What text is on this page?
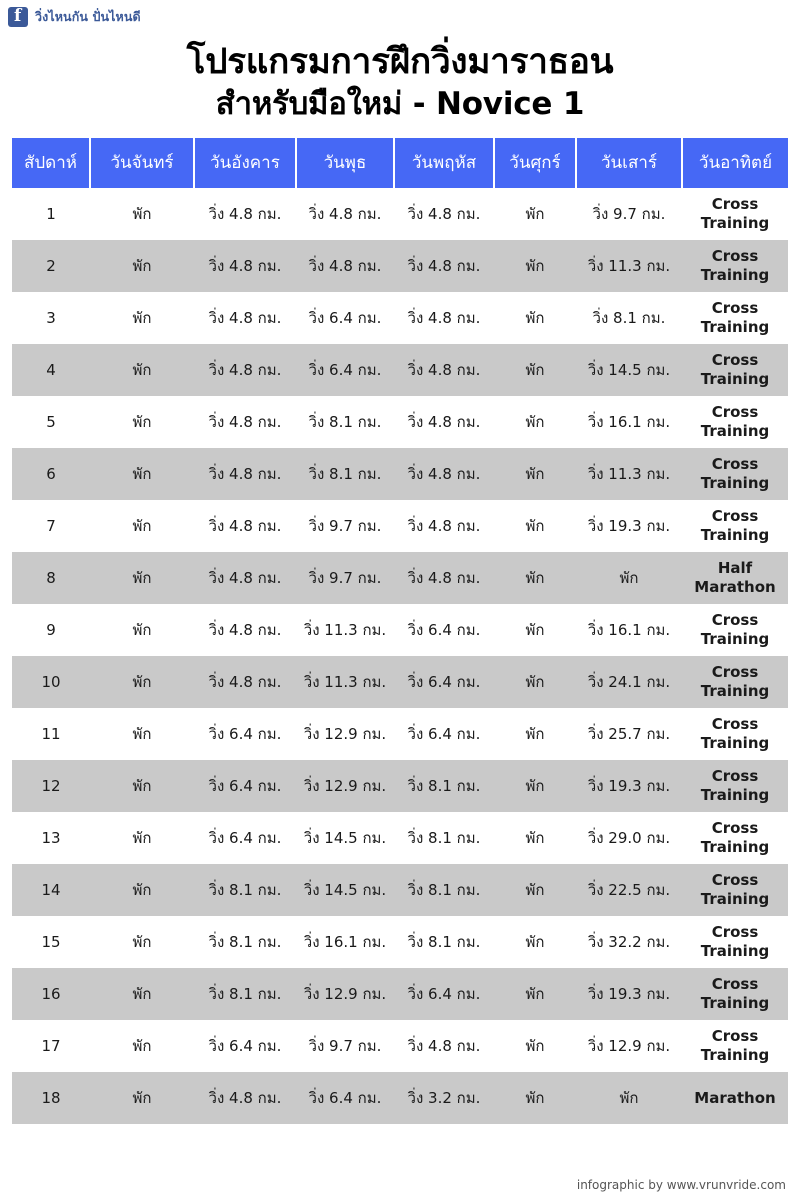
f
วิ่งไหนกัน ปั่นไหนดี
โปรแกรมการฝึกวิ่งมาราธอน
สำหรับมือใหม่ - Novice 1
สัปดาห์	วันจันทร์	วันอังคาร	วันพุธ	วันพฤหัส	วันศุกร์	วันเสาร์	วันอาทิตย์
1	พัก	วิ่ง 4.8 กม.	วิ่ง 4.8 กม.	วิ่ง 4.8 กม.	พัก	วิ่ง 9.7 กม.	Cross Training
2	พัก	วิ่ง 4.8 กม.	วิ่ง 4.8 กม.	วิ่ง 4.8 กม.	พัก	วิ่ง 11.3 กม.	Cross Training
3	พัก	วิ่ง 4.8 กม.	วิ่ง 6.4 กม.	วิ่ง 4.8 กม.	พัก	วิ่ง 8.1 กม.	Cross Training
4	พัก	วิ่ง 4.8 กม.	วิ่ง 6.4 กม.	วิ่ง 4.8 กม.	พัก	วิ่ง 14.5 กม.	Cross Training
5	พัก	วิ่ง 4.8 กม.	วิ่ง 8.1 กม.	วิ่ง 4.8 กม.	พัก	วิ่ง 16.1 กม.	Cross Training
6	พัก	วิ่ง 4.8 กม.	วิ่ง 8.1 กม.	วิ่ง 4.8 กม.	พัก	วิ่ง 11.3 กม.	Cross Training
7	พัก	วิ่ง 4.8 กม.	วิ่ง 9.7 กม.	วิ่ง 4.8 กม.	พัก	วิ่ง 19.3 กม.	Cross Training
8	พัก	วิ่ง 4.8 กม.	วิ่ง 9.7 กม.	วิ่ง 4.8 กม.	พัก	พัก	Half Marathon
9	พัก	วิ่ง 4.8 กม.	วิ่ง 11.3 กม.	วิ่ง 6.4 กม.	พัก	วิ่ง 16.1 กม.	Cross Training
10	พัก	วิ่ง 4.8 กม.	วิ่ง 11.3 กม.	วิ่ง 6.4 กม.	พัก	วิ่ง 24.1 กม.	Cross Training
11	พัก	วิ่ง 6.4 กม.	วิ่ง 12.9 กม.	วิ่ง 6.4 กม.	พัก	วิ่ง 25.7 กม.	Cross Training
12	พัก	วิ่ง 6.4 กม.	วิ่ง 12.9 กม.	วิ่ง 8.1 กม.	พัก	วิ่ง 19.3 กม.	Cross Training
13	พัก	วิ่ง 6.4 กม.	วิ่ง 14.5 กม.	วิ่ง 8.1 กม.	พัก	วิ่ง 29.0 กม.	Cross Training
14	พัก	วิ่ง 8.1 กม.	วิ่ง 14.5 กม.	วิ่ง 8.1 กม.	พัก	วิ่ง 22.5 กม.	Cross Training
15	พัก	วิ่ง 8.1 กม.	วิ่ง 16.1 กม.	วิ่ง 8.1 กม.	พัก	วิ่ง 32.2 กม.	Cross Training
16	พัก	วิ่ง 8.1 กม.	วิ่ง 12.9 กม.	วิ่ง 6.4 กม.	พัก	วิ่ง 19.3 กม.	Cross Training
17	พัก	วิ่ง 6.4 กม.	วิ่ง 9.7 กม.	วิ่ง 4.8 กม.	พัก	วิ่ง 12.9 กม.	Cross Training
18	พัก	วิ่ง 4.8 กม.	วิ่ง 6.4 กม.	วิ่ง 3.2 กม.	พัก	พัก	Marathon
infographic by www.vrunvride.com
